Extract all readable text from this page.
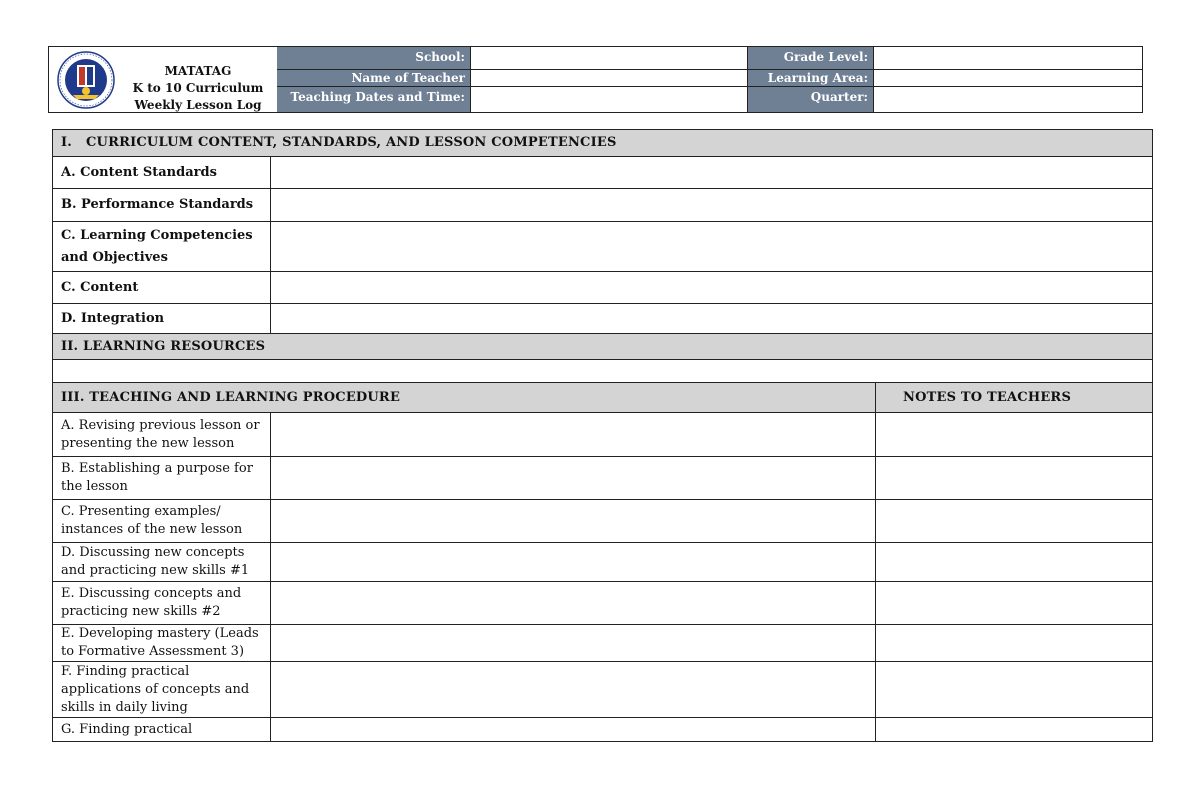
MATATAG
K to 10 Curriculum
Weekly Lesson Log
School:	Grade Level:
Name of Teacher	Learning Area:
Teaching Dates and Time:	Quarter:
I. CURRICULUM CONTENT, STANDARDS, AND LESSON COMPETENCIES		
A. Content Standards		
B. Performance Standards		
C. Learning Competencies and Objectives		
C. Content		
D. Integration		
II. LEARNING RESOURCES		

III. TEACHING AND LEARNING PROCEDURE		NOTES TO TEACHERS
A. Revising previous lesson or presenting the new lesson		
B. Establishing a purpose for the lesson		
C. Presenting examples/ instances of the new lesson		
D. Discussing new concepts and practicing new skills #1		
E. Discussing concepts and practicing new skills #2		
E. Developing mastery (Leads to Formative Assessment 3)		
F. Finding practical applications of concepts and skills in daily living		
G. Finding practical		
